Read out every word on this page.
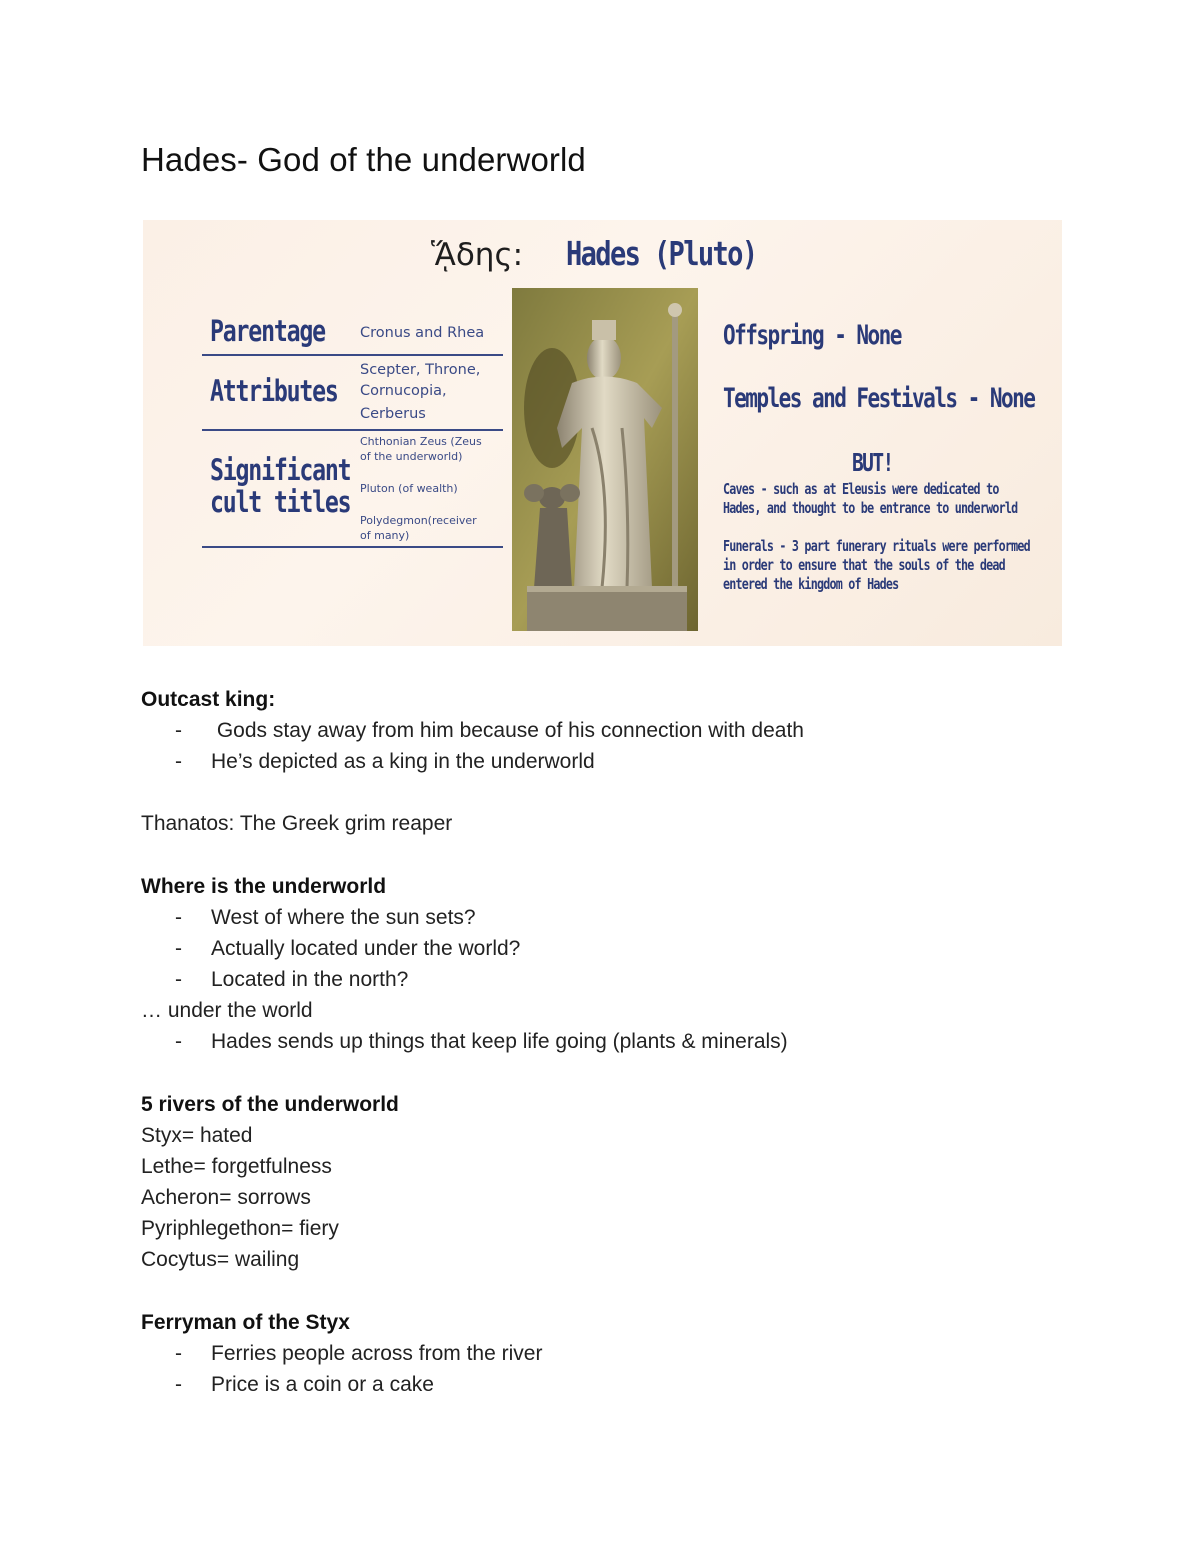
Hades- God of the underworld
ᾍδης: Hades (Pluto)
Parentage Cronus and Rhea
Attributes
Scepter, Throne,
Cornucopia,
Cerberus
Significant
cult titles
Chthonian Zeus (Zeus
of the underworld)
Pluton (of wealth)
Polydegmon(receiver
of many)
Offspring - None
Temples and Festivals - None
BUT!
Caves - such as at Eleusis were dedicated to
Hades, and thought to be entrance to underworld
Funerals - 3 part funerary rituals were performed
in order to ensure that the souls of the dead
entered the kingdom of Hades
Outcast king:
- Gods stay away from him because of his connection with death
- He’s depicted as a king in the underworld
Thanatos: The Greek grim reaper
Where is the underworld
- West of where the sun sets?
- Actually located under the world?
- Located in the north?
… under the world
- Hades sends up things that keep life going (plants & minerals)
5 rivers of the underworld
Styx= hated
Lethe= forgetfulness
Acheron= sorrows
Pyriphlegethon= fiery
Cocytus= wailing
Ferryman of the Styx
- Ferries people across from the river
- Price is a coin or a cake
